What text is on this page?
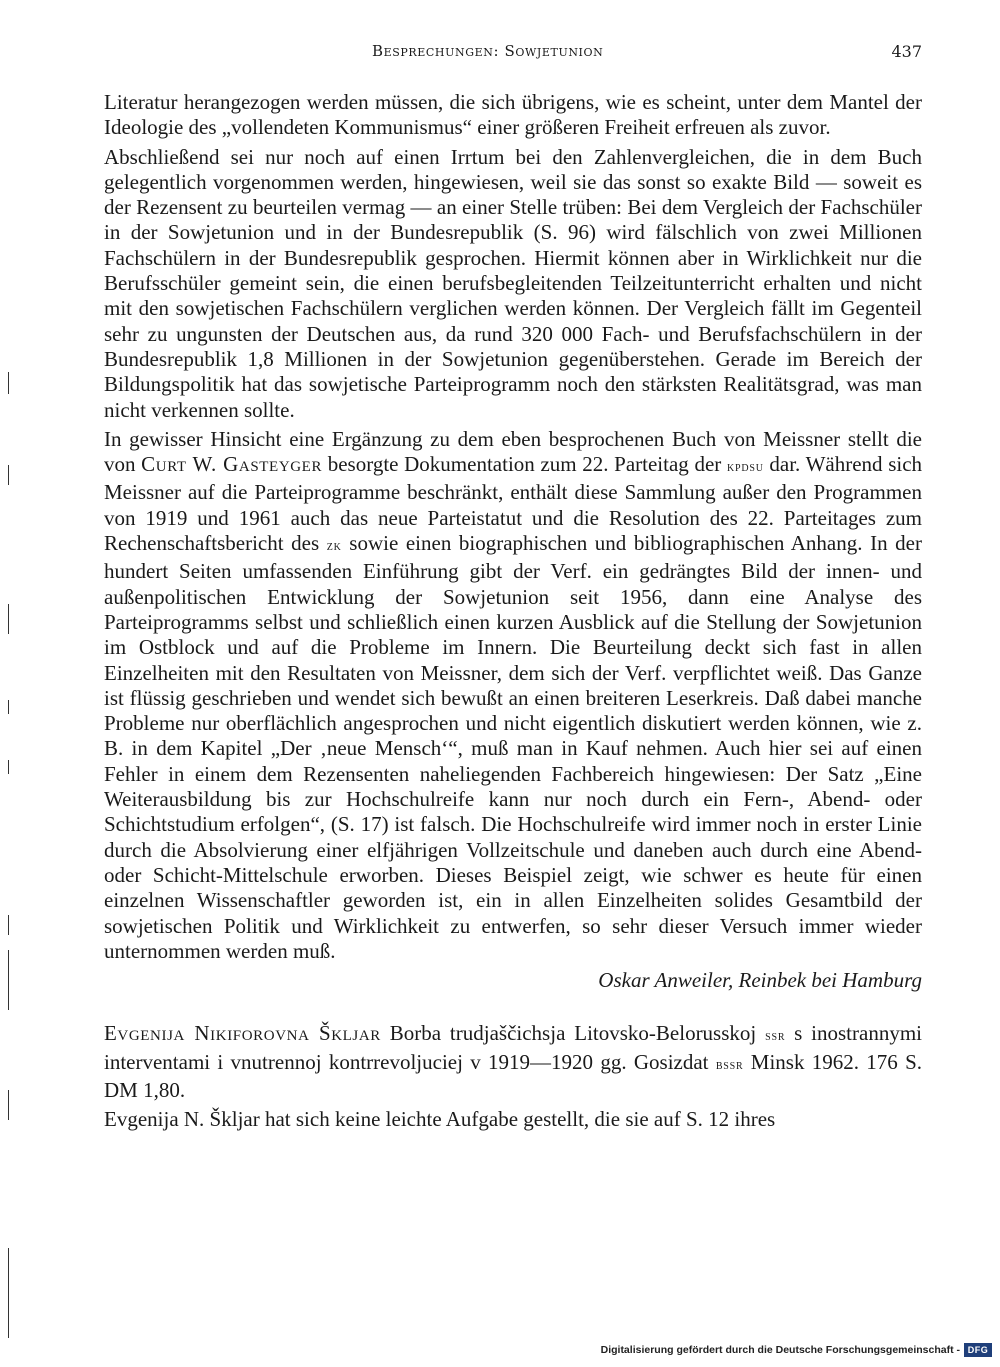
Besprechungen: Sowjetunion	437

Literatur herangezogen werden müssen, die sich übrigens, wie es scheint, unter dem Mantel der Ideologie des „vollendeten Kommunismus“ einer größeren Freiheit erfreuen als zuvor.

Abschließend sei nur noch auf einen Irrtum bei den Zahlenvergleichen, die in dem Buch gelegentlich vorgenommen werden, hingewiesen, weil sie das sonst so exakte Bild — soweit es der Rezensent zu beurteilen vermag — an einer Stelle trüben: Bei dem Vergleich der Fachschüler in der Sowjetunion und in der Bundesrepublik (S. 96) wird fälschlich von zwei Millionen Fachschülern in der Bundesrepublik gesprochen. Hiermit können aber in Wirklichkeit nur die Berufsschüler gemeint sein, die einen berufsbegleitenden Teilzeitunterricht erhalten und nicht mit den sowjetischen Fachschülern verglichen werden können. Der Vergleich fällt im Gegenteil sehr zu ungunsten der Deutschen aus, da rund 320 000 Fach- und Berufsfachschülern in der Bundesrepublik 1,8 Millionen in der Sowjetunion gegenüberstehen. Gerade im Bereich der Bildungspolitik hat das sowjetische Parteiprogramm noch den stärksten Realitätsgrad, was man nicht verkennen sollte.

In gewisser Hinsicht eine Ergänzung zu dem eben besprochenen Buch von Meissner stellt die von Curt W. Gasteyger besorgte Dokumentation zum 22. Parteitag der kpdsu dar. Während sich Meissner auf die Parteiprogramme beschränkt, enthält diese Sammlung außer den Programmen von 1919 und 1961 auch das neue Parteistatut und die Resolution des 22. Parteitages zum Rechenschaftsbericht des zk sowie einen biographischen und bibliographischen Anhang. In der hundert Seiten umfassenden Einführung gibt der Verf. ein gedrängtes Bild der innen- und außenpolitischen Entwicklung der Sowjetunion seit 1956, dann eine Analyse des Parteiprogramms selbst und schließlich einen kurzen Ausblick auf die Stellung der Sowjetunion im Ostblock und auf die Probleme im Innern. Die Beurteilung deckt sich fast in allen Einzelheiten mit den Resultaten von Meissner, dem sich der Verf. verpflichtet weiß. Das Ganze ist flüssig geschrieben und wendet sich bewußt an einen breiteren Leserkreis. Daß dabei manche Probleme nur oberflächlich angesprochen und nicht eigentlich diskutiert werden können, wie z. B. in dem Kapitel „Der ‚neue Mensch‘“, muß man in Kauf nehmen. Auch hier sei auf einen Fehler in einem dem Rezensenten naheliegenden Fachbereich hingewiesen: Der Satz „Eine Weiterausbildung bis zur Hochschulreife kann nur noch durch ein Fern-, Abend- oder Schichtstudium erfolgen“, (S. 17) ist falsch. Die Hochschulreife wird immer noch in erster Linie durch die Absolvierung einer elfjährigen Vollzeitschule und daneben auch durch eine Abend- oder Schicht-Mittelschule erworben. Dieses Beispiel zeigt, wie schwer es heute für einen einzelnen Wissenschaftler geworden ist, ein in allen Einzelheiten solides Gesamtbild der sowjetischen Politik und Wirklichkeit zu entwerfen, so sehr dieser Versuch immer wieder unternommen werden muß.

Oskar Anweiler, Reinbek bei Hamburg

Evgenija Nikiforovna Škljar Borba trudjaščichsja Litovsko-Belorusskoj ssr s inostrannymi interventami i vnutrennoj kontrrevoljuciej v 1919—1920 gg. Gosizdat bssr Minsk 1962. 176 S. DM 1,80.

Evgenija N. Škljar hat sich keine leichte Aufgabe gestellt, die sie auf S. 12 ihres

Digitalisierung gefördert durch die Deutsche Forschungsgemeinschaft - DFG
